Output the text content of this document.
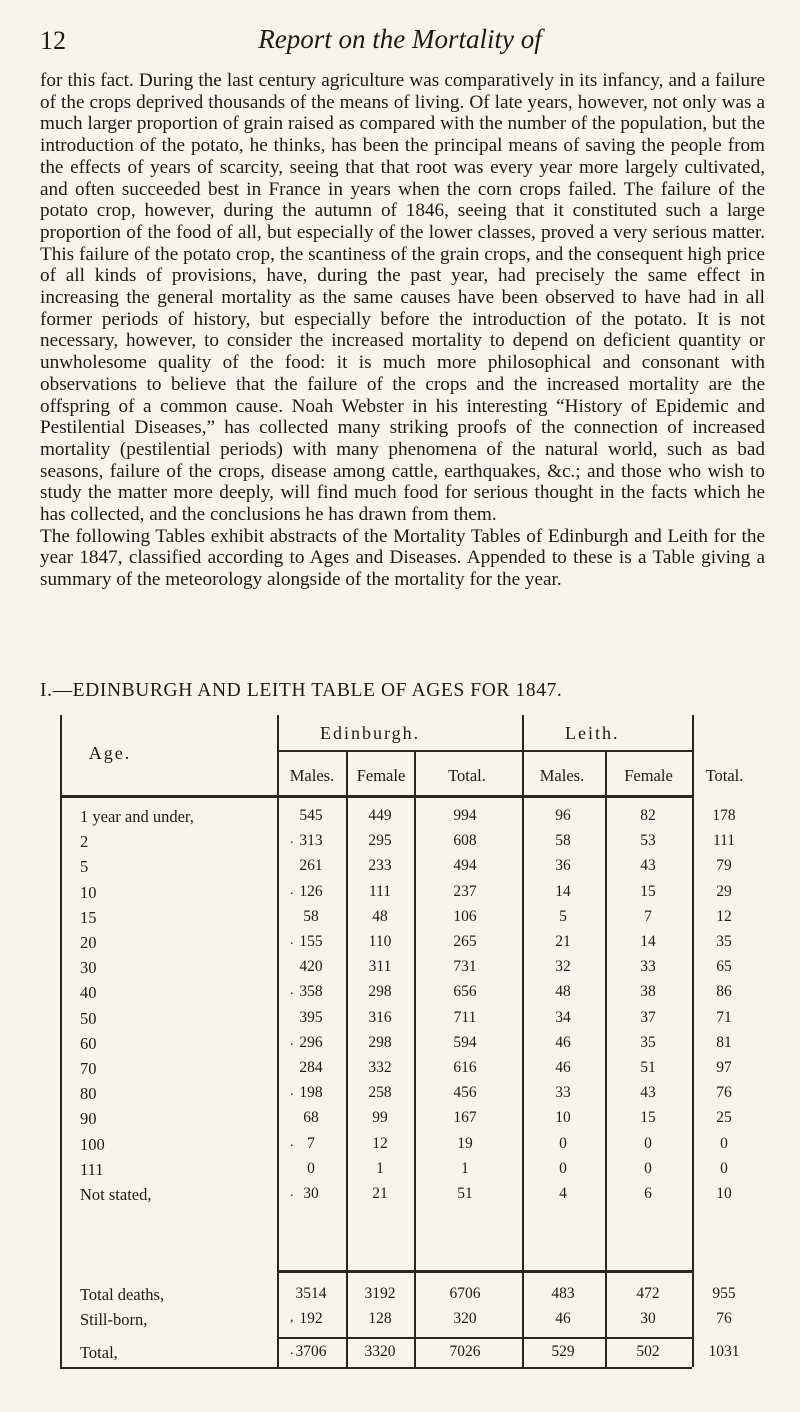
12	Report on the Mortality of

for this fact. During the last century agriculture was comparatively in its infancy, and a failure of the crops deprived thousands of the means of living. Of late years, however, not only was a much larger proportion of grain raised as compared with the number of the population, but the introduction of the potato, he thinks, has been the principal means of saving the people from the effects of years of scarcity, seeing that that root was every year more largely cultivated, and often succeeded best in France in years when the corn crops failed. The failure of the potato crop, however, during the autumn of 1846, seeing that it constituted such a large proportion of the food of all, but especially of the lower classes, proved a very serious matter. This failure of the potato crop, the scantiness of the grain crops, and the consequent high price of all kinds of provisions, have, during the past year, had precisely the same effect in increasing the general mortality as the same causes have been observed to have had in all former periods of history, but especially before the introduction of the potato. It is not necessary, however, to consider the increased mortality to depend on deficient quantity or unwholesome quality of the food: it is much more philosophical and consonant with observations to believe that the failure of the crops and the increased mortality are the offspring of a common cause. Noah Webster in his interesting “History of Epidemic and Pestilential Diseases,” has collected many striking proofs of the connection of increased mortality (pestilential periods) with many phenomena of the natural world, such as bad seasons, failure of the crops, disease among cattle, earthquakes, &c.; and those who wish to study the matter more deeply, will find much food for serious thought in the facts which he has collected, and the conclusions he has drawn from them.

The following Tables exhibit abstracts of the Mortality Tables of Edinburgh and Leith for the year 1847, classified according to Ages and Diseases. Appended to these is a Table giving a summary of the meteorology alongside of the mortality for the year.

I.—EDINBURGH AND LEITH TABLE OF AGES FOR 1847.
Age.
Edinburgh.	Leith.
Males.	Female	Total.	Males.	Female	Total.
1 year and under,	545	449	994	96	82	178
2	. 313	295	608	58	53	111
5	261	233	494	36	43	79
10	. 126	111	237	14	15	29
15	58	48	106	5	7	12
20	. 155	110	265	21	14	35
30	420	311	731	32	33	65
40	. 358	298	656	48	38	86
50	395	316	711	34	37	71
60	. 296	298	594	46	35	81
70	284	332	616	46	51	97
80	. 198	258	456	33	43	76
90	68	99	167	10	15	25
100	. 7	12	19	0	0	0
111	0	1	1	0	0	0
Not stated,	. 30	21	51	4	6	10
Total deaths,	3514	3192	6706	483	472	955
Still-born,	, 192	128	320	46	30	76
Total,	. 3706	3320	7026	529	502	1031
